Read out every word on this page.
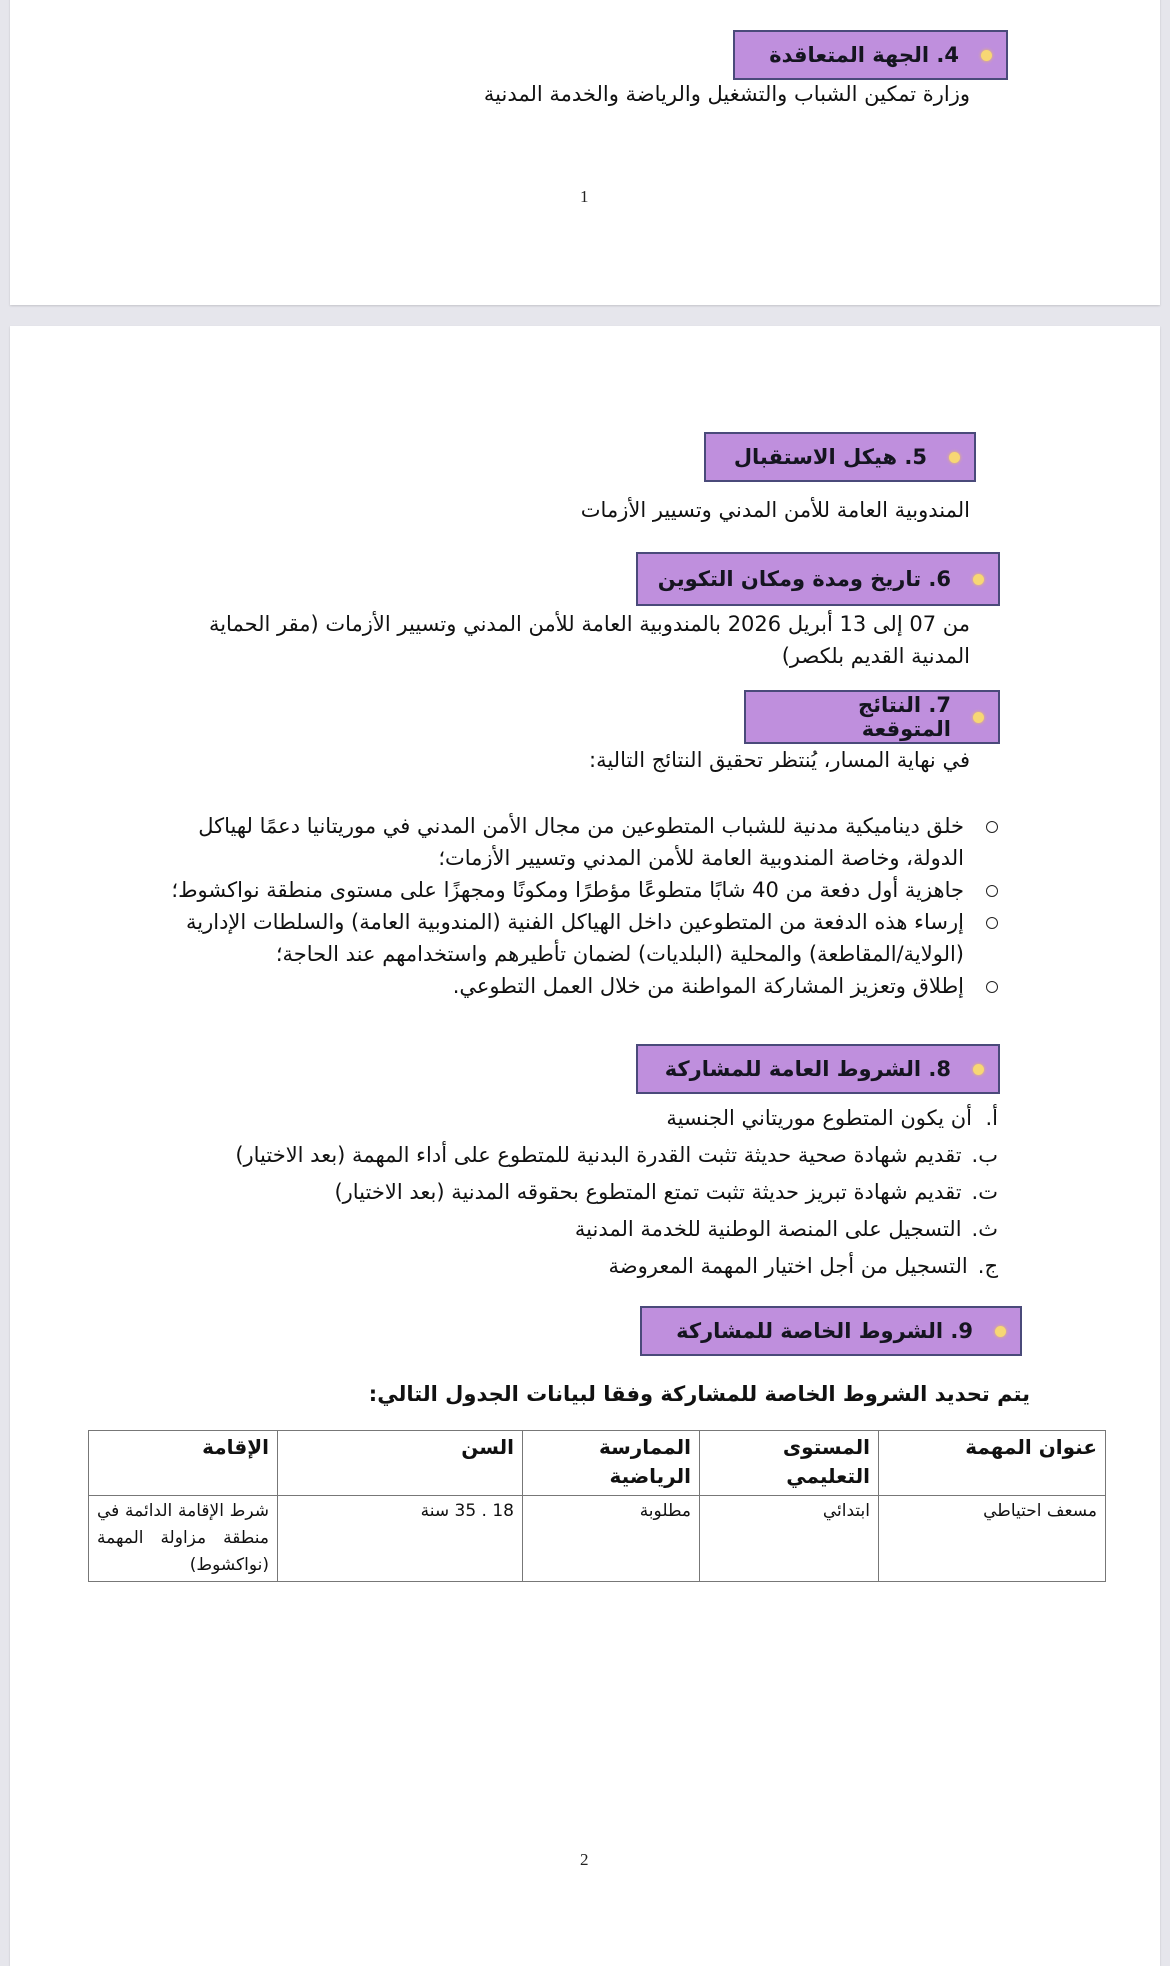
4. الجهة المتعاقدة
وزارة تمكين الشباب والتشغيل والرياضة والخدمة المدنية
1
5. هيكل الاستقبال
المندوبية العامة للأمن المدني وتسيير الأزمات
6. تاريخ ومدة ومكان التكوين
من 07 إلى 13 أبريل 2026 بالمندوبية العامة للأمن المدني وتسيير الأزمات (مقر الحماية المدنية القديم بلكصر)
7. النتائج المتوقعة
في نهاية المسار، يُنتظر تحقيق النتائج التالية:
خلق ديناميكية مدنية للشباب المتطوعين من مجال الأمن المدني في موريتانيا دعمًا لهياكل الدولة، وخاصة المندوبية العامة للأمن المدني وتسيير الأزمات؛
جاهزية أول دفعة من 40 شابًا متطوعًا مؤطرًا ومكونًا ومجهزًا على مستوى منطقة نواكشوط؛
إرساء هذه الدفعة من المتطوعين داخل الهياكل الفنية (المندوبية العامة) والسلطات الإدارية (الولاية/المقاطعة) والمحلية (البلديات) لضمان تأطيرهم واستخدامهم عند الحاجة؛
إطلاق وتعزيز المشاركة المواطنة من خلال العمل التطوعي.
8. الشروط العامة للمشاركة
أ.
أن يكون المتطوع موريتاني الجنسية
ب.
تقديم شهادة صحية حديثة تثبت القدرة البدنية للمتطوع على أداء المهمة (بعد الاختيار)
ت.
تقديم شهادة تبريز حديثة تثبت تمتع المتطوع بحقوقه المدنية (بعد الاختيار)
ث.
التسجيل على المنصة الوطنية للخدمة المدنية
ج.
التسجيل من أجل اختيار المهمة المعروضة
9. الشروط الخاصة للمشاركة
يتم تحديد الشروط الخاصة للمشاركة وفقا لبيانات الجدول التالي:
عنوان المهمة	المستوى التعليمي	الممارسة الرياضية	السن	الإقامة
مسعف احتياطي	ابتدائي	مطلوبة	18 . 35 سنة	شرط الإقامة الدائمة في منطقة مزاولة المهمة (نواكشوط)
2
